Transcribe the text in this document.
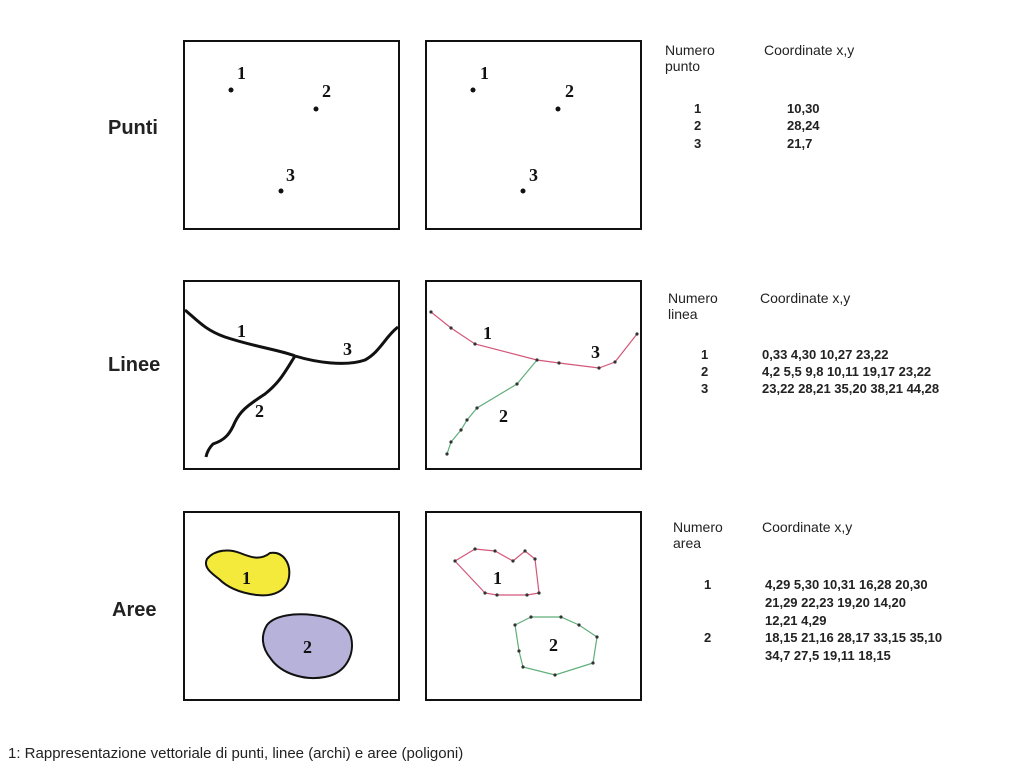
Punti
Linee
Aree
1
2
3
1
2
3
Numero punto
Coordinate x,y
1	10,30
2	28,24
3	21,7
1
3
2
1
3
2
Numero linea
Coordinate x,y
1	0,33 4,30 10,27 23,22
2	4,2 5,5 9,8 10,11 19,17 23,22
3	23,22 28,21 35,20 38,21 44,28
1
2
1
2
Numero area
Coordinate x,y
1	4,29 5,30 10,31 16,28 20,30
21,29 22,23 19,20 14,20
12,21 4,29
2	18,15 21,16 28,17 33,15 35,10
34,7 27,5 19,11 18,15
1: Rappresentazione vettoriale di punti, linee (archi) e aree (poligoni)
